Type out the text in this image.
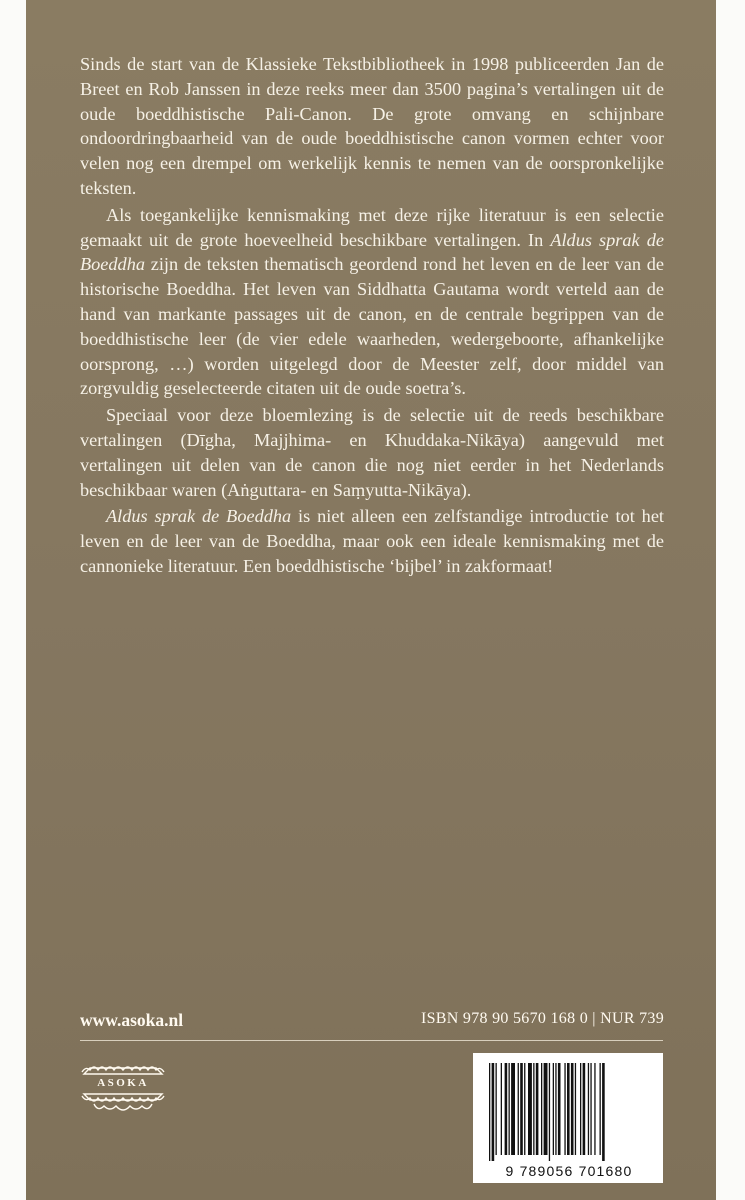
Sinds de start van de Klassieke Tekstbibliotheek in 1998 publiceerden Jan de Breet en Rob Janssen in deze reeks meer dan 3500 pagina’s vertalingen uit de oude boeddhistische Pali-Canon. De grote omvang en schijnbare ondoordringbaarheid van de oude boeddhistische canon vormen echter voor velen nog een drempel om werkelijk kennis te nemen van de oorspronkelijke teksten.

Als toegankelijke kennismaking met deze rijke literatuur is een selectie gemaakt uit de grote hoeveelheid beschikbare vertalingen. In Aldus sprak de Boeddha zijn de teksten thematisch geordend rond het leven en de leer van de historische Boeddha. Het leven van Siddhatta Gautama wordt verteld aan de hand van markante passages uit de canon, en de centrale begrippen van de boeddhistische leer (de vier edele waarheden, wedergeboorte, afhankelijke oorsprong, …) worden uitgelegd door de Meester zelf, door middel van zorgvuldig geselecteerde citaten uit de oude soetra’s.

Speciaal voor deze bloemlezing is de selectie uit de reeds beschikbare vertalingen (Dīgha, Majjhima- en Khuddaka-Nikāya) aangevuld met vertalingen uit delen van de canon die nog niet eerder in het Nederlands beschikbaar waren (Aṅguttara- en Saṃyutta-Nikāya).

Aldus sprak de Boeddha is niet alleen een zelfstandige introductie tot het leven en de leer van de Boeddha, maar ook een ideale kennismaking met de cannonieke literatuur. Een boeddhistische ‘bijbel’ in zakformaat!

www.asoka.nl	ISBN 978 90 5670 168 0 | NUR 739
ASOKA
9 789056 701680
